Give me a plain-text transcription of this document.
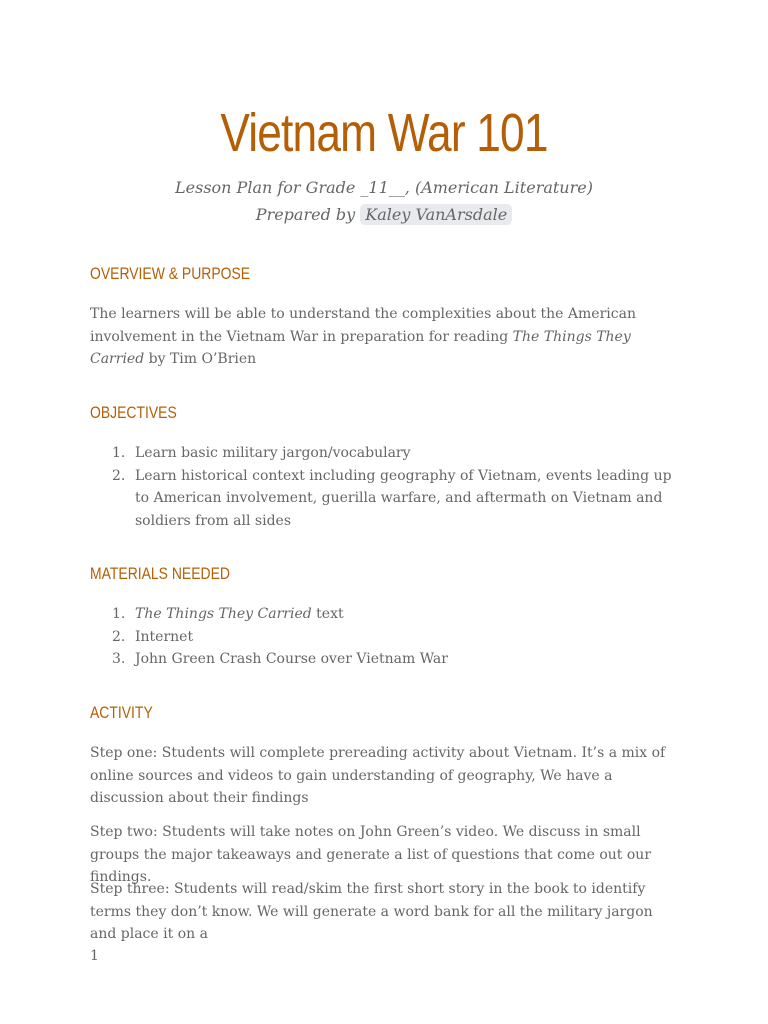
Vietnam War 101
Lesson Plan for Grade _11__, (American Literature)
Prepared by Kaley VanArsdale
OVERVIEW & PURPOSE

The learners will be able to understand the complexities about the American involvement in the Vietnam War in preparation for reading The Things They Carried by Tim O’Brien

OBJECTIVES
1. Learn basic military jargon/vocabulary
2. Learn historical context including geography of Vietnam, events leading up to American involvement, guerilla warfare, and aftermath on Vietnam and soldiers from all sides
MATERIALS NEEDED
1. The Things They Carried text
2. Internet
3. John Green Crash Course over Vietnam War
ACTIVITY

Step one: Students will complete prereading activity about Vietnam. It’s a mix of online sources and videos to gain understanding of geography, We have a discussion about their findings

Step two: Students will take notes on John Green’s video. We discuss in small groups the major takeaways and generate a list of questions that come out our findings.

Step three: Students will read/skim the first short story in the book to identify terms they don’t know. We will generate a word bank for all the military jargon and place it on a

1
